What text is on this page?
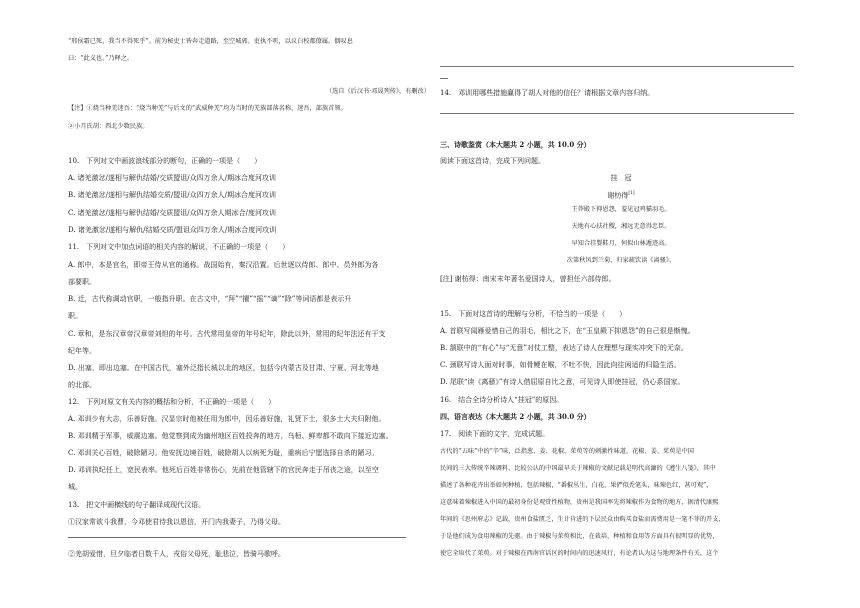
“邢侯霜已死，我当不得死乎”。前为秘吏士皆奔走道路，至空城郭。吏执不听，以议白校都僚属。偶叹息
曰：“此义也。”乃释之。
（选自《后汉书·邓晟列传》，有删改）
【注】①烧当种羌迷吾：“烧当种羌”与后文的“武威种羌”均为当时的羌族部落名称，迷吾，部族首领。
②小月氏胡：西北少数民族。
10.　下列对文中画波浪线部分的断句，正确的一项是（　　）
A. 诸羌激忿/遂相与解仇结婚/交质盟诅/众四万余人/期冰合度河攻训
B. 诸羌激忿/遂相与解仇结婚交质/盟诅/众四万余人/期冰合度河攻训
C. 诸羌激忿/遂相与解仇结婚/交质盟诅/众四万余人期冰合/度河攻训
D. 诸羌激忿/遂相与解仇/结婚交质/盟诅众四万余人/期冰合度河攻训
11.　下列对文中加点词语的相关内容的解说，不正确的一项是（　　）
A. 郎中，本是官名，即帝王侍从官的通称。战国始有，秦汉沿置。后世逐以侍郎、郎中、员外郎为各
部要职。
B. 迁，古代称调动官职，一般指升职。在古文中，“拜”“擢”“摇”“谪”“除”等词语都是表示升
职。
C. 章和，是东汉章帝汉章帝刘炟的年号。古代常用皇帝的年号纪年，除此以外，常用的纪年法还有干支
纪年等。
D. 出塞，即出边塞。在中国古代，塞外泛指长城以北的地区，包括今内蒙古及甘肃、宁夏、河北等地
的北部。
12.　下列对原文有关内容的概括和分析，不正确的一项是（　　）
A. 邓训少有大志，乐善好施。汉显宗时他被任用为郎中，因乐善好施，礼贤下士，很多士大夫归附他。
B. 邓训精于军事，威震边塞。他觉察到成为幽州地区百姓投奔的地方，乌桓、鲜卑都不敢向下接近边塞。
C. 邓训关心百姓，破除陋习。他安抚边境百姓，破除胡人以病死为耻，重病后宁愿选择自杀的陋习。
D. 邓训执纪任上，宽民表率。他死后百姓非常伤心，先前在他管辖下的官民奔走于吊丧之途，以至空
城。
13.　把文中画横线的句子翻译成现代汉语。
①汉家常欲斗我曹，今邓使君待我以恩信，开门内我妻子，乃得父母。
②羌胡爱惜，旦夕临者日数千人，戎俗父母死，耻悲泣，皆骑马歌呼。
14.　邓训用哪些措施赢得了胡人对他的信任？请根据文章内容归纳。
三、诗歌鉴赏（本大题共 2 小题，共 10.0 分）
阅读下面这首诗，完成下列问题。
挂　冠
谢枋得[1]
王莽殿下抑恩怨，羞见冠鸡猫羽毛。
天地有心扶社稷，湘远无意得忠臣。
早知合挂婴鞋月，何似山林遁迹高。
次第秋风到兰菊，归家疏饮读《离骚》。
[注] 谢枋得：南宋末年著名爱国诗人，曾担任六部侍郎。
15.　下面对这首诗的理解与分析，不恰当的一项是（　　）
A. 首联写闻雁爱惜自己的羽毛，相比之下，在“玉皇殿下抑恩怨”的自己很是惭愧。
B. 颔联中的“有心”与“无意”对仗工整，表达了诗人在理想与现实冲突下的无奈。
C. 颈联写诗人面对时事，如骨鲠在喉，不吐不快，因此向往闲适的归隐生活。
D. 尾联“读《离骚》”有诗人借屈原自比之意，可见诗人即使挂冠，仍心系国家。
16.　结合全诗分析诗人“挂冠”的原因。
四、语言表达（本大题共 2 小题，共 30.0 分）
17.　阅读下面的文字，完成试题。
古代的“五味”中的“辛”味，泛指葱、姜、花椒、茱萸等的刺激性味道。花椒、姜、茱萸是中国
民间的三大传统辛辣调料，比较公认的中国最早关于辣椒的文献记载是明代高濂的《遵生八笺》，其中
描述了各种花卉出举如何种植，包括辣椒，“番椒丛生，白花，果俨似秃笔头，味辣色红，甚可观”，
这意味着辣椒进入中国的最初身份是观赏性植物，贵州是我国率先将辣椒作为食物的地方，据清代康熙
年间的《思州府志》记载，贵州食盐匮乏，生计肯进的下层民众由购买食盐而需费用是一笔不菲的开支，
于是他们成为食用辣椒的先驱。由于辣椒与茱萸相比，在栽培、种植和食用等方面具有很明显的优势，
使它全取代了茱萸。对于辣椒在西南官话区的时间内的迅速风行，有论者认为这与地理条件有关，这个
